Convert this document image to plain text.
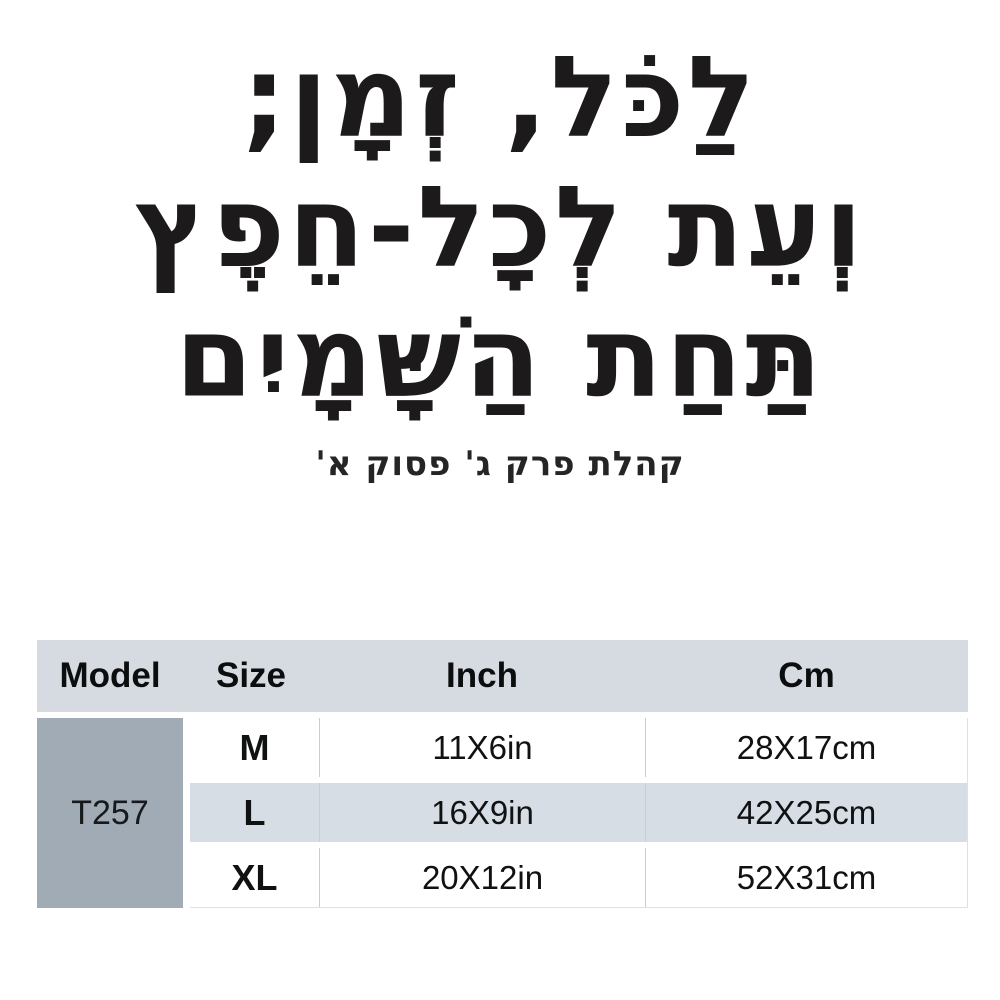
לַכֹּל, זְמָן;
וְעֵת לְכָל-חֵפֶץ
תַּחַת הַשָּׁמָיִם
קהלת פרק ג' פסוק א'
Model	Size	Inch	Cm
T257
M	11X6in	28X17cm
L	16X9in	42X25cm
XL	20X12in	52X31cm
